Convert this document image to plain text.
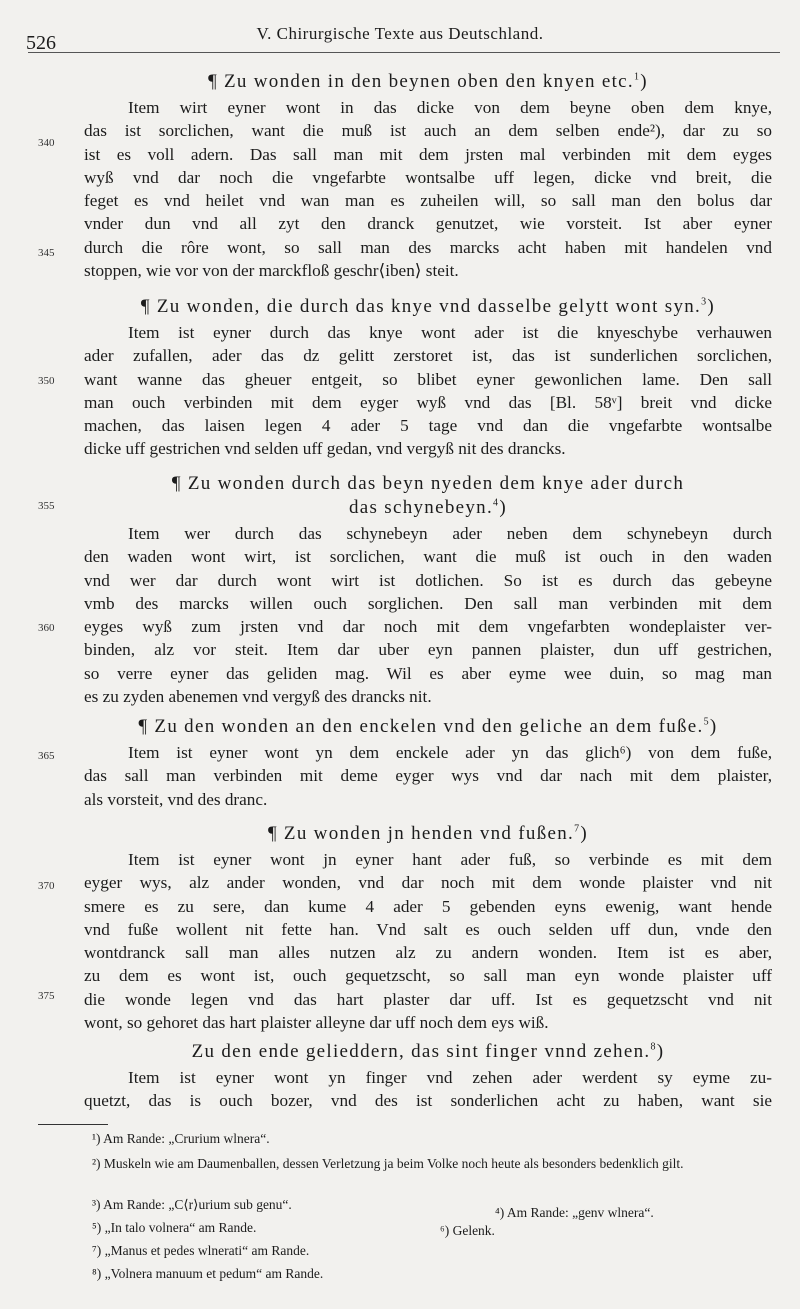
526	V. Chirurgische Texte aus Deutschland.
¶ Zu wonden in den beynen oben den knyen etc.$^1$)
Item wirt eyner wont in das dicke von dem beyne oben dem knye,
das ist sorclichen, want die muß ist auch an dem selben ende²), dar zu so
ist es voll adern. Das sall man mit dem jrsten mal verbinden mit dem eyges
wyß vnd dar noch die vngefarbte wontsalbe uff legen, dicke vnd breit, die
feget es vnd heilet vnd wan man es zuheilen will, so sall man den bolus dar
vnder dun vnd all zyt den dranck genutzet, wie vorsteit. Ist aber eyner
durch die rôre wont, so sall man des marcks acht haben mit handelen vnd
stoppen, wie vor von der marckfloß geschr⟨iben⟩ steit.
¶ Zu wonden, die durch das knye vnd dasselbe gelytt wont syn.$^3$)
Item ist eyner durch das knye wont ader ist die knyeschybe verhauwen
ader zufallen, ader das dz gelitt zerstoret ist, das ist sunderlichen sorclichen,
want wanne das gheuer entgeit, so blibet eyner gewonlichen lame. Den sall
man ouch verbinden mit dem eyger wyß vnd das [Bl. 58ᵛ] breit vnd dicke
machen, das laisen legen 4 ader 5 tage vnd dan die vngefarbte wontsalbe
dicke uff gestrichen vnd selden uff gedan, vnd vergyß nit des drancks.
¶ Zu wonden durch das beyn nyeden dem knye ader durch
das schynebeyn.$^4$)
Item wer durch das schynebeyn ader neben dem schynebeyn durch
den waden wont wirt, ist sorclichen, want die muß ist ouch in den waden
vnd wer dar durch wont wirt ist dotlichen. So ist es durch das gebeyne
vmb des marcks willen ouch sorglichen. Den sall man verbinden mit dem
eyges wyß zum jrsten vnd dar noch mit dem vngefarbten wondeplaister ver-
binden, alz vor steit. Item dar uber eyn pannen plaister, dun uff gestrichen,
so verre eyner das geliden mag. Wil es aber eyme wee duin, so mag man
es zu zyden abenemen vnd vergyß des drancks nit.
¶ Zu den wonden an den enckelen vnd den geliche an dem fuße.$^5$)
Item ist eyner wont yn dem enckele ader yn das glich⁶) von dem fuße,
das sall man verbinden mit deme eyger wys vnd dar nach mit dem plaister,
als vorsteit, vnd des dranc.
¶ Zu wonden jn henden vnd fußen.$^7$)
Item ist eyner wont jn eyner hant ader fuß, so verbinde es mit dem
eyger wys, alz ander wonden, vnd dar noch mit dem wonde plaister vnd nit
smere es zu sere, dan kume 4 ader 5 gebenden eyns ewenig, want hende
vnd fuße wollent nit fette han. Vnd salt es ouch selden uff dun, vnde den
wontdranck sall man alles nutzen alz zu andern wonden. Item ist es aber,
zu dem es wont ist, ouch gequetzscht, so sall man eyn wonde plaister uff
die wonde legen vnd das hart plaster dar uff. Ist es gequetzscht vnd nit
wont, so gehoret das hart plaister alleyne dar uff noch dem eys wiß.
Zu den ende gelieddern, das sint finger vnnd zehen.$^8$)
Item ist eyner wont yn finger vnd zehen ader werdent sy eyme zu-
quetzt, das is ouch bozer, vnd des ist sonderlichen acht zu haben, want sie
340
345
350
355
360
365
370
375
¹) Am Rande: „Crurium wlnera“.
²) Muskeln wie am Daumenballen, dessen Verletzung ja beim Volke noch heute als besonders bedenklich gilt.
³) Am Rande: „C⟨r⟩urium sub genu“.
⁴) Am Rande: „genv wlnera“.
⁵) „In talo volnera“ am Rande.	⁶) Gelenk.
⁷) „Manus et pedes wlnerati“ am Rande.
⁸) „Volnera manuum et pedum“ am Rande.
